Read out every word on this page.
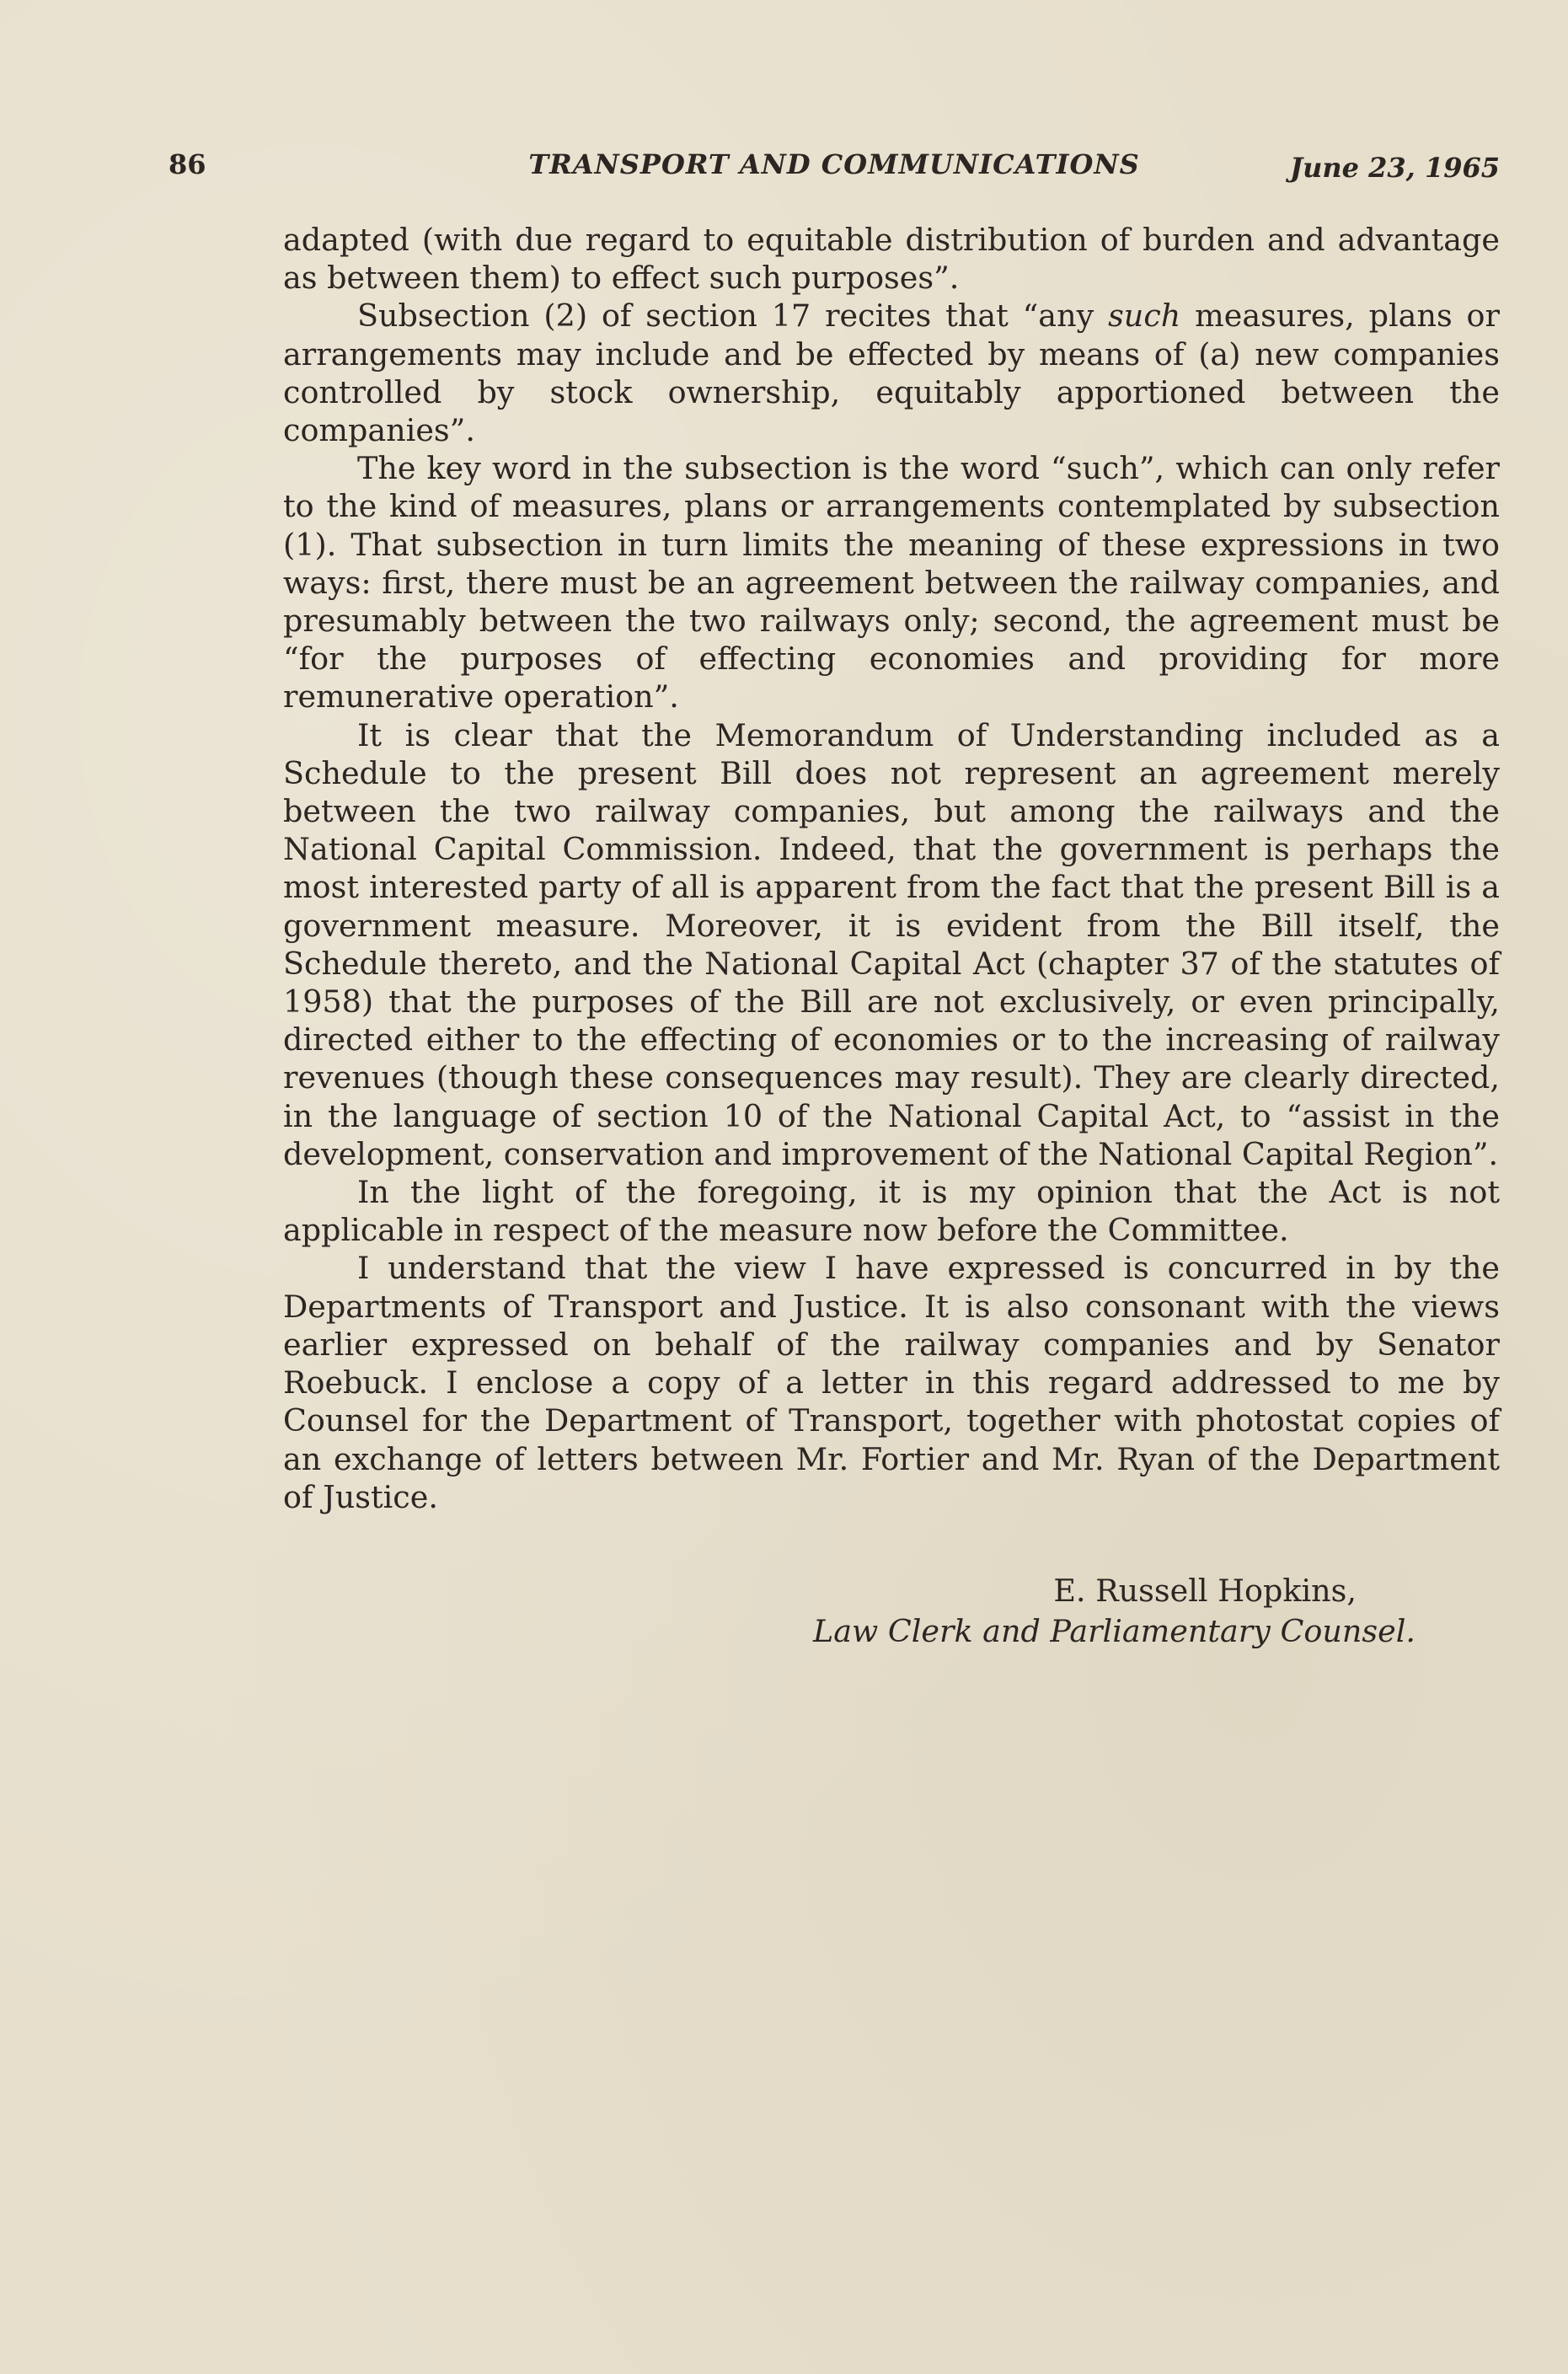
86	TRANSPORT AND COMMUNICATIONS	June 23, 1965

adapted (with due regard to equitable distribution of burden and advantage as between them) to effect such purposes”.

Subsection (2) of section 17 recites that “any such measures, plans or arrangements may include and be effected by means of (a) new companies controlled by stock ownership, equitably apportioned between the companies”.

The key word in the subsection is the word “such”, which can only refer to the kind of measures, plans or arrangements contemplated by subsection (1). That subsection in turn limits the meaning of these expressions in two ways: first, there must be an agreement between the railway companies, and presumably between the two railways only; second, the agreement must be “for the purposes of effecting economies and providing for more remunerative operation”.

It is clear that the Memorandum of Understanding included as a Schedule to the present Bill does not represent an agreement merely between the two railway companies, but among the railways and the National Capital Commission. Indeed, that the government is perhaps the most interested party of all is apparent from the fact that the present Bill is a government measure. Moreover, it is evident from the Bill itself, the Schedule thereto, and the National Capital Act (chapter 37 of the statutes of 1958) that the purposes of the Bill are not exclusively, or even principally, directed either to the effecting of economies or to the increasing of railway revenues (though these consequences may result). They are clearly directed, in the language of section 10 of the National Capital Act, to “assist in the development, conservation and improvement of the National Capital Region”.

In the light of the foregoing, it is my opinion that the Act is not applicable in respect of the measure now before the Committee.

I understand that the view I have expressed is concurred in by the Departments of Transport and Justice. It is also consonant with the views earlier expressed on behalf of the railway companies and by Senator Roebuck. I enclose a copy of a letter in this regard addressed to me by Counsel for the Department of Transport, together with photostat copies of an exchange of letters between Mr. Fortier and Mr. Ryan of the Department of Justice.

E. Russell Hopkins,
Law Clerk and Parliamentary Counsel.
